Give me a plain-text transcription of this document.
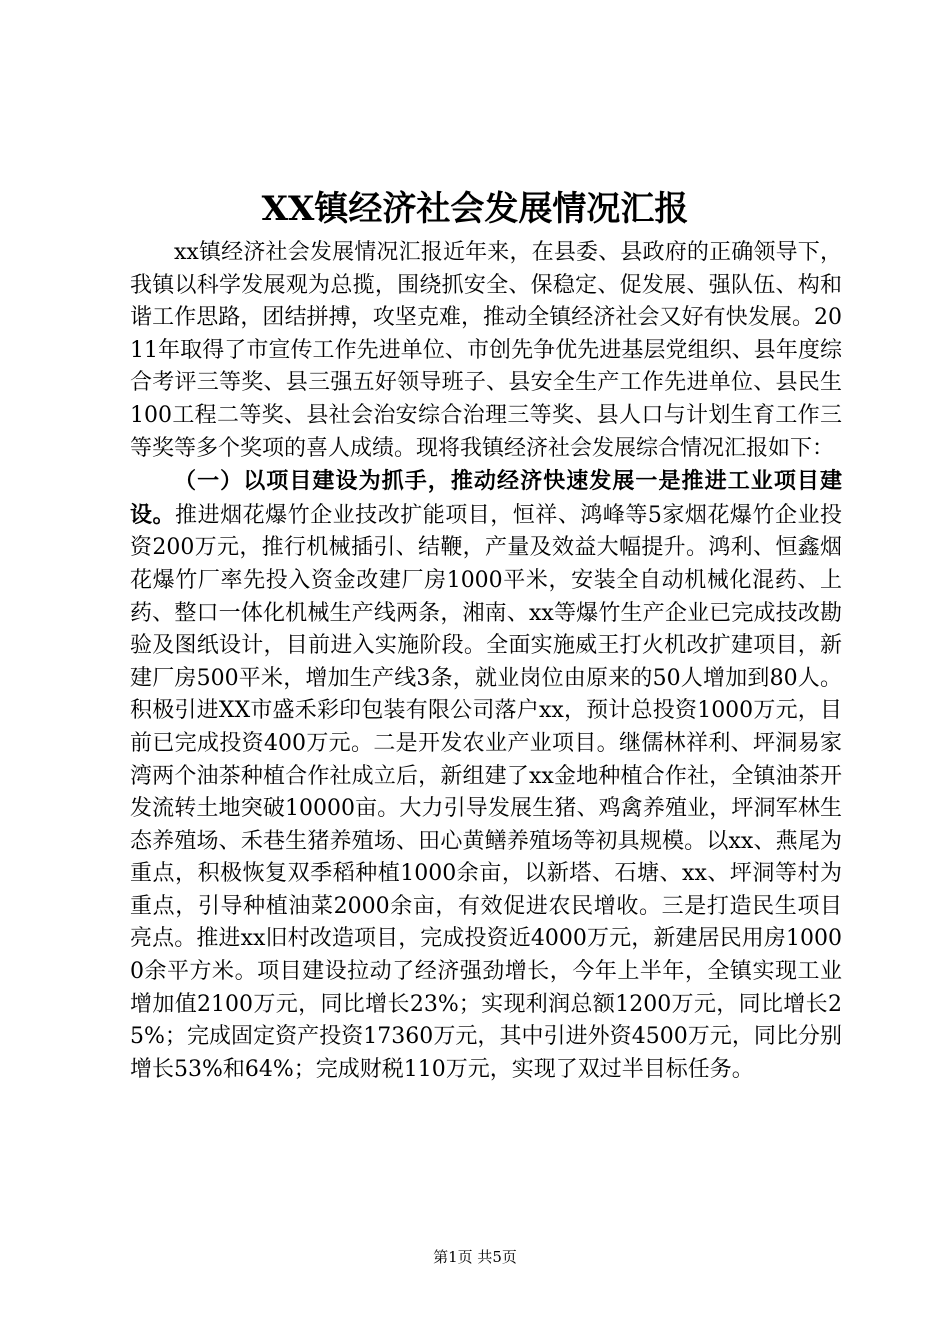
XX镇经济社会发展情况汇报

xx镇经济社会发展情况汇报近年来，在县委、县政府的正确领导下，我镇以科学发展观为总揽，围绕抓安全、保稳定、促发展、强队伍、构和谐工作思路，团结拼搏，攻坚克难，推动全镇经济社会又好有快发展。2011年取得了市宣传工作先进单位、市创先争优先进基层党组织、县年度综合考评三等奖、县三强五好领导班子、县安全生产工作先进单位、县民生100工程二等奖、县社会治安综合治理三等奖、县人口与计划生育工作三等奖等多个奖项的喜人成绩。现将我镇经济社会发展综合情况汇报如下：

（一）以项目建设为抓手，推动经济快速发展一是推进工业项目建设。推进烟花爆竹企业技改扩能项目，恒祥、鸿峰等5家烟花爆竹企业投资200万元，推行机械插引、结鞭，产量及效益大幅提升。鸿利、恒鑫烟花爆竹厂率先投入资金改建厂房1000平米，安装全自动机械化混药、上药、整口一体化机械生产线两条，湘南、xx等爆竹生产企业已完成技改勘验及图纸设计，目前进入实施阶段。全面实施威王打火机改扩建项目，新建厂房500平米，增加生产线3条，就业岗位由原来的50人增加到80人。积极引进XX市盛禾彩印包装有限公司落户xx，预计总投资1000万元，目前已完成投资400万元。二是开发农业产业项目。继儒林祥利、坪洞易家湾两个油茶种植合作社成立后，新组建了xx金地种植合作社，全镇油茶开发流转土地突破10000亩。大力引导发展生猪、鸡禽养殖业，坪洞军林生态养殖场、禾巷生猪养殖场、田心黄鳝养殖场等初具规模。以xx、燕尾为重点，积极恢复双季稻种植1000余亩，以新塔、石塘、xx、坪洞等村为重点，引导种植油菜2000余亩，有效促进农民增收。三是打造民生项目亮点。推进xx旧村改造项目，完成投资近4000万元，新建居民用房10000余平方米。项目建设拉动了经济强劲增长，今年上半年，全镇实现工业增加值2100万元，同比增长23%；实现利润总额1200万元，同比增长25%；完成固定资产投资17360万元，其中引进外资4500万元，同比分别增长53%和64%；完成财税110万元，实现了双过半目标任务。

第1页 共5页
